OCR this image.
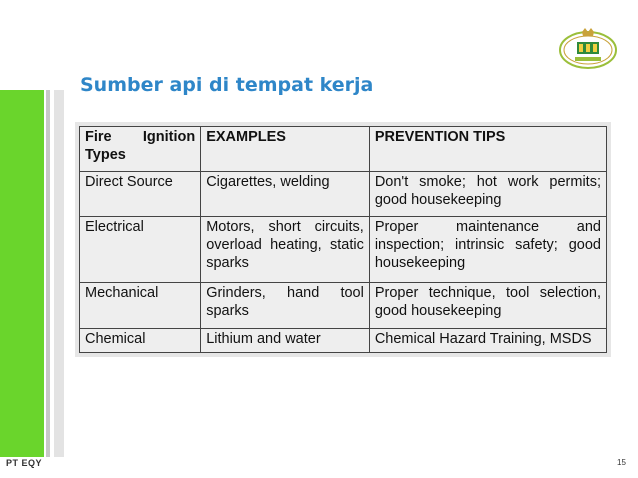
Sumber api di tempat kerja
Fire Ignition Types	EXAMPLES	PREVENTION TIPS
Direct Source	Cigarettes, welding	Don't smoke; hot work permits; good housekeeping
Electrical	Motors, short circuits, overload heating, static sparks	Proper maintenance and inspection; intrinsic safety; good housekeeping
Mechanical	Grinders, hand tool sparks	Proper technique, tool selection, good housekeeping
Chemical	Lithium and water	Chemical Hazard Training, MSDS
PT EQY	15
